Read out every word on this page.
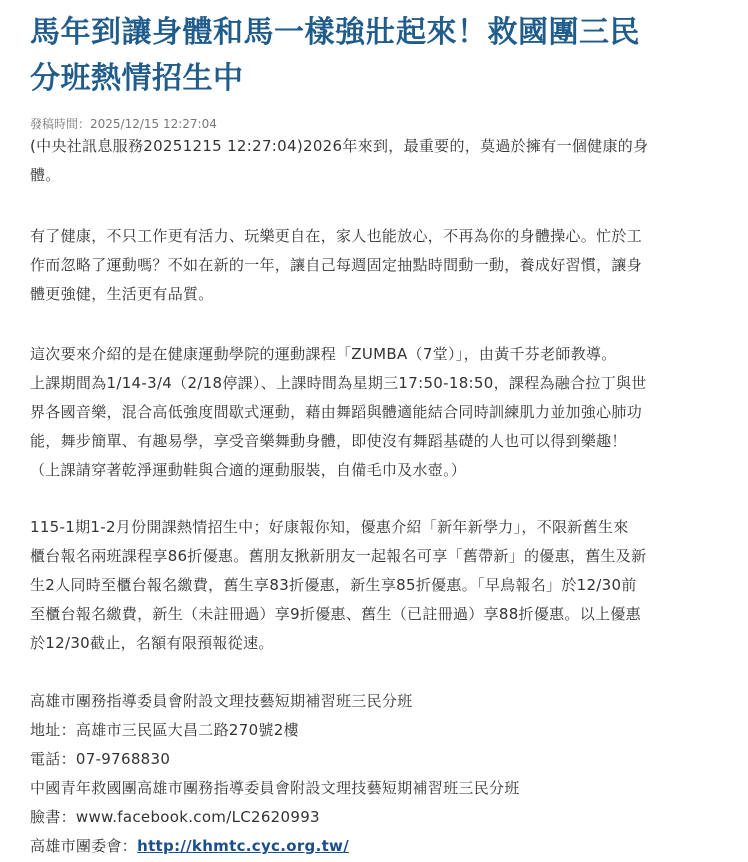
馬年到讓身體和馬一樣強壯起來！救國團三民
分班熱情招生中
發稿時間：2025/12/15 12:27:04

(中央社訊息服務20251215 12:27:04)2026年來到，最重要的，莫過於擁有一個健康的身
體。

有了健康，不只工作更有活力、玩樂更自在，家人也能放心，不再為你的身體操心。忙於工
作而忽略了運動嗎？不如在新的一年，讓自己每週固定抽點時間動一動，養成好習慣，讓身
體更強健，生活更有品質。

這次要來介紹的是在健康運動學院的運動課程「ZUMBA（7堂）」，由黃千芬老師教導。
上課期間為1/14-3/4（2/18停課）、上課時間為星期三17:50-18:50，課程為融合拉丁與世
界各國音樂，混合高低強度間歇式運動，藉由舞蹈與體適能結合同時訓練肌力並加強心肺功
能，舞步簡單、有趣易學，享受音樂舞動身體，即使沒有舞蹈基礎的人也可以得到樂趣！
（上課請穿著乾淨運動鞋與合適的運動服裝，自備毛巾及水壺。）

115-1期1-2月份開課熱情招生中；好康報你知，優惠介紹「新年新學力」，不限新舊生來
櫃台報名兩班課程享86折優惠。舊朋友揪新朋友一起報名可享「舊帶新」的優惠，舊生及新
生2人同時至櫃台報名繳費，舊生享83折優惠，新生享85折優惠。「早鳥報名」於12/30前
至櫃台報名繳費，新生（未註冊過）享9折優惠、舊生（已註冊過）享88折優惠。以上優惠
於12/30截止，名額有限預報從速。

高雄市團務指導委員會附設文理技藝短期補習班三民分班
地址：高雄市三民區大昌二路270號2樓
電話：07-9768830
中國青年救國團高雄市團務指導委員會附設文理技藝短期補習班三民分班
臉書：www.facebook.com/LC2620993
高雄市團委會：http://khmtc.cyc.org.tw/
